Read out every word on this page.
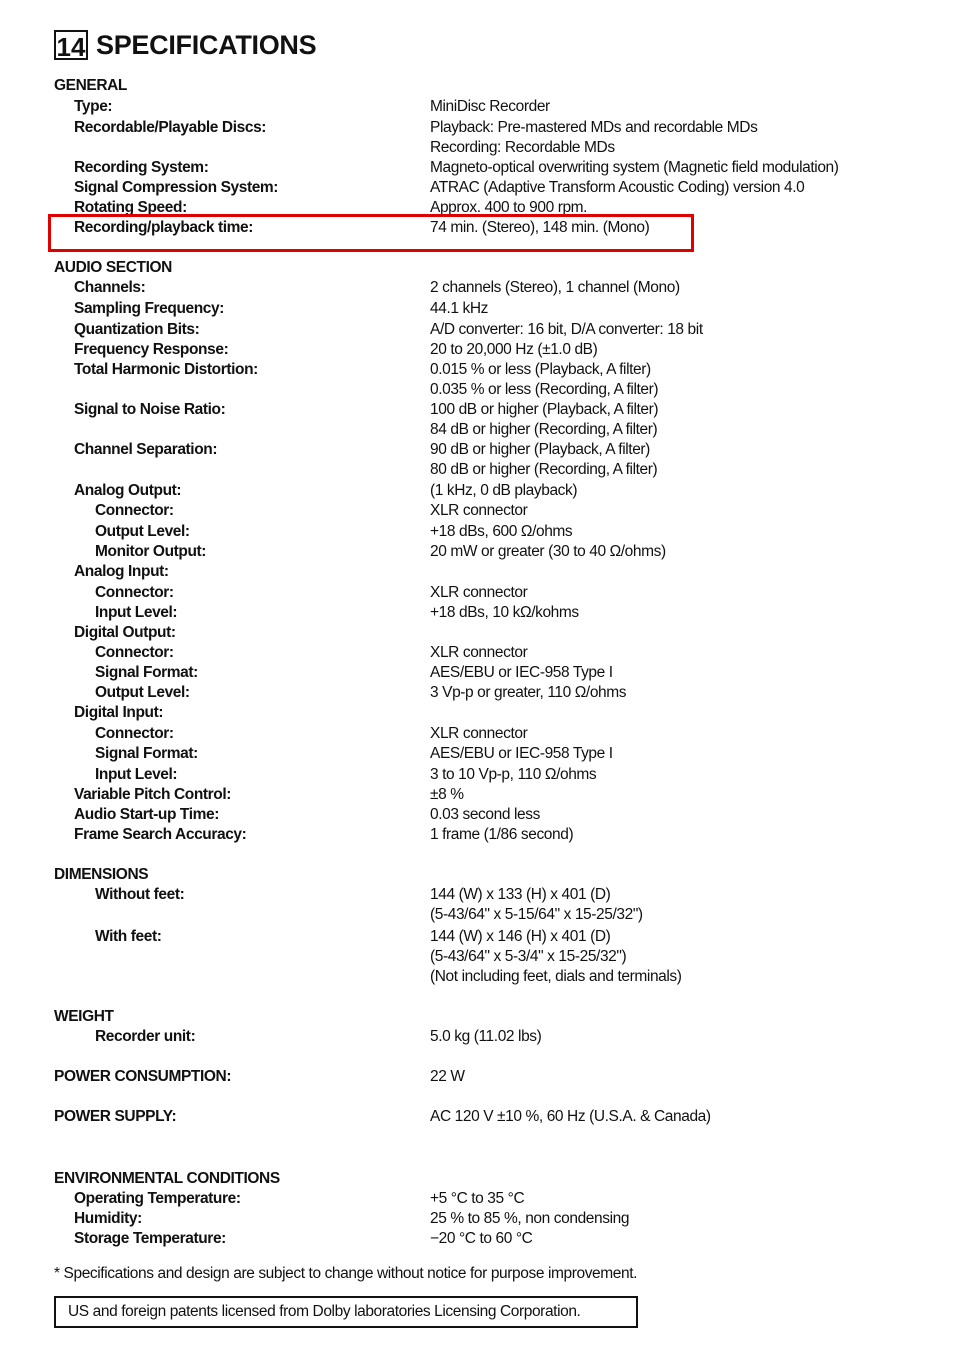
14 SPECIFICATIONS
GENERAL
Type:	MiniDisc Recorder
Recordable/Playable Discs:	Playback: Pre-mastered MDs and recordable MDs
Recording: Recordable MDs
Recording System:	Magneto-optical overwriting system (Magnetic field modulation)
Signal Compression System:	ATRAC (Adaptive Transform Acoustic Coding) version 4.0
Rotating Speed:	Approx. 400 to 900 rpm.
Recording/playback time:	74 min. (Stereo), 148 min. (Mono)
AUDIO SECTION
Channels:	2 channels (Stereo), 1 channel (Mono)
Sampling Frequency:	44.1 kHz
Quantization Bits:	A/D converter: 16 bit, D/A converter: 18 bit
Frequency Response:	20 to 20,000 Hz (±1.0 dB)
Total Harmonic Distortion:	0.015 % or less (Playback, A filter)
0.035 % or less (Recording, A filter)
Signal to Noise Ratio:	100 dB or higher (Playback, A filter)
84 dB or higher (Recording, A filter)
Channel Separation:	90 dB or higher (Playback, A filter)
80 dB or higher (Recording, A filter)
Analog Output:	(1 kHz, 0 dB playback)
Connector:	XLR connector
Output Level:	+18 dBs, 600 Ω/ohms
Monitor Output:	20 mW or greater (30 to 40 Ω/ohms)
Analog Input:
Connector:	XLR connector
Input Level:	+18 dBs, 10 kΩ/kohms
Digital Output:
Connector:	XLR connector
Signal Format:	AES/EBU or IEC-958 Type I
Output Level:	3 Vp-p or greater, 110 Ω/ohms
Digital Input:
Connector:	XLR connector
Signal Format:	AES/EBU or IEC-958 Type I
Input Level:	3 to 10 Vp-p, 110 Ω/ohms
Variable Pitch Control:	±8 %
Audio Start-up Time:	0.03 second less
Frame Search Accuracy:	1 frame (1/86 second)
DIMENSIONS
Without feet:	144 (W) x 133 (H) x 401 (D)
(5-43/64" x 5-15/64" x 15-25/32")
With feet:	144 (W) x 146 (H) x 401 (D)
(5-43/64" x 5-3/4" x 15-25/32")
(Not including feet, dials and terminals)
WEIGHT
Recorder unit:	5.0 kg (11.02 lbs)
POWER CONSUMPTION:	22 W
POWER SUPPLY:	AC 120 V ±10 %, 60 Hz (U.S.A. & Canada)
ENVIRONMENTAL CONDITIONS
Operating Temperature:	+5 °C to 35 °C
Humidity:	25 % to 85 %, non condensing
Storage Temperature:	−20 °C to 60 °C
* Specifications and design are subject to change without notice for purpose improvement.
US and foreign patents licensed from Dolby laboratories Licensing Corporation.
